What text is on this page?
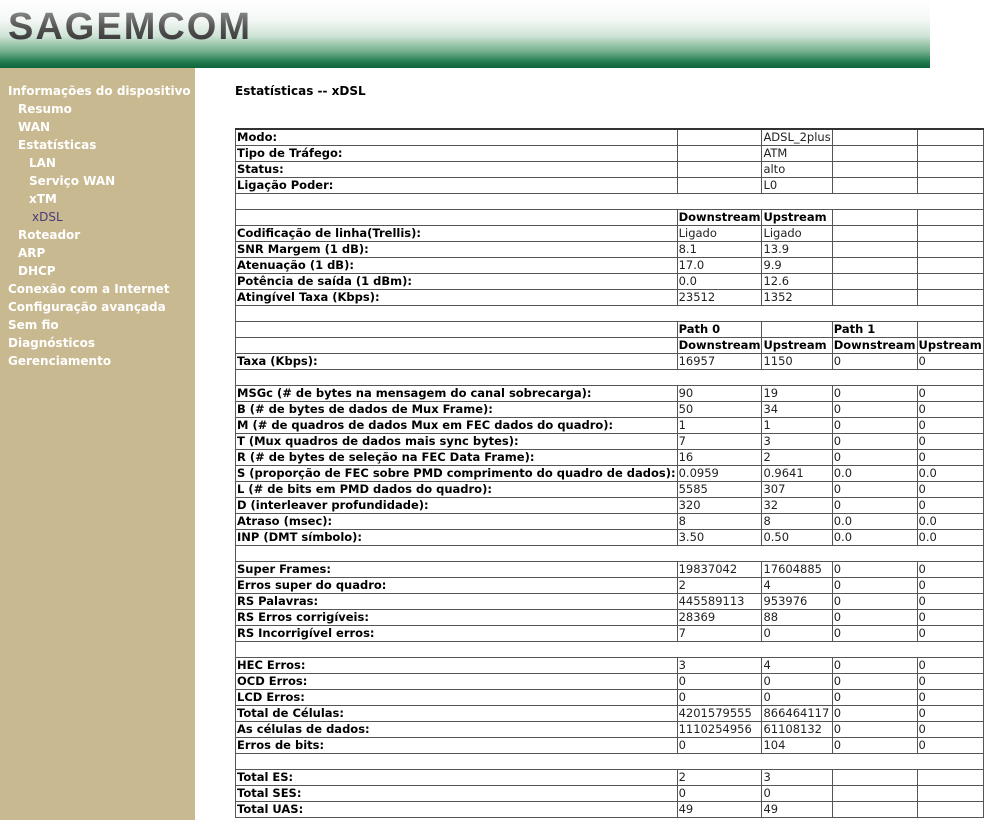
SAGEMCOM
Informações do dispositivo
Resumo
WAN
Estatísticas
LAN
Serviço WAN
xTM
xDSL
Roteador
ARP
DHCP
Conexão com a Internet
Configuração avançada
Sem fio
Diagnósticos
Gerenciamento
Estatísticas -- xDSL
Modo:		ADSL_2plus		
Tipo de Tráfego:		ATM		
Status:		alto		
Ligação Poder:		L0		

	Downstream	Upstream		
Codificação de linha(Trellis):	Ligado	Ligado		
SNR Margem (1 dB):	8.1	13.9		
Atenuação (1 dB):	17.0	9.9		
Potência de saída (1 dBm):	0.0	12.6		
Atingível Taxa (Kbps):	23512	1352		

	Path 0		Path 1	
	Downstream	Upstream	Downstream	Upstream
Taxa (Kbps):	16957	1150	0	0

MSGc (# de bytes na mensagem do canal sobrecarga):	90	19	0	0
B (# de bytes de dados de Mux Frame):	50	34	0	0
M (# de quadros de dados Mux em FEC dados do quadro):	1	1	0	0
T (Mux quadros de dados mais sync bytes):	7	3	0	0
R (# de bytes de seleção na FEC Data Frame):	16	2	0	0
S (proporção de FEC sobre PMD comprimento do quadro de dados):	0.0959	0.9641	0.0	0.0
L (# de bits em PMD dados do quadro):	5585	307	0	0
D (interleaver profundidade):	320	32	0	0
Atraso (msec):	8	8	0.0	0.0
INP (DMT símbolo):	3.50	0.50	0.0	0.0

Super Frames:	19837042	17604885	0	0
Erros super do quadro:	2	4	0	0
RS Palavras:	445589113	953976	0	0
RS Erros corrigíveis:	28369	88	0	0
RS Incorrigível erros:	7	0	0	0

HEC Erros:	3	4	0	0
OCD Erros:	0	0	0	0
LCD Erros:	0	0	0	0
Total de Células:	4201579555	866464117	0	0
As células de dados:	1110254956	61108132	0	0
Erros de bits:	0	104	0	0

Total ES:	2	3		
Total SES:	0	0		
Total UAS:	49	49		
